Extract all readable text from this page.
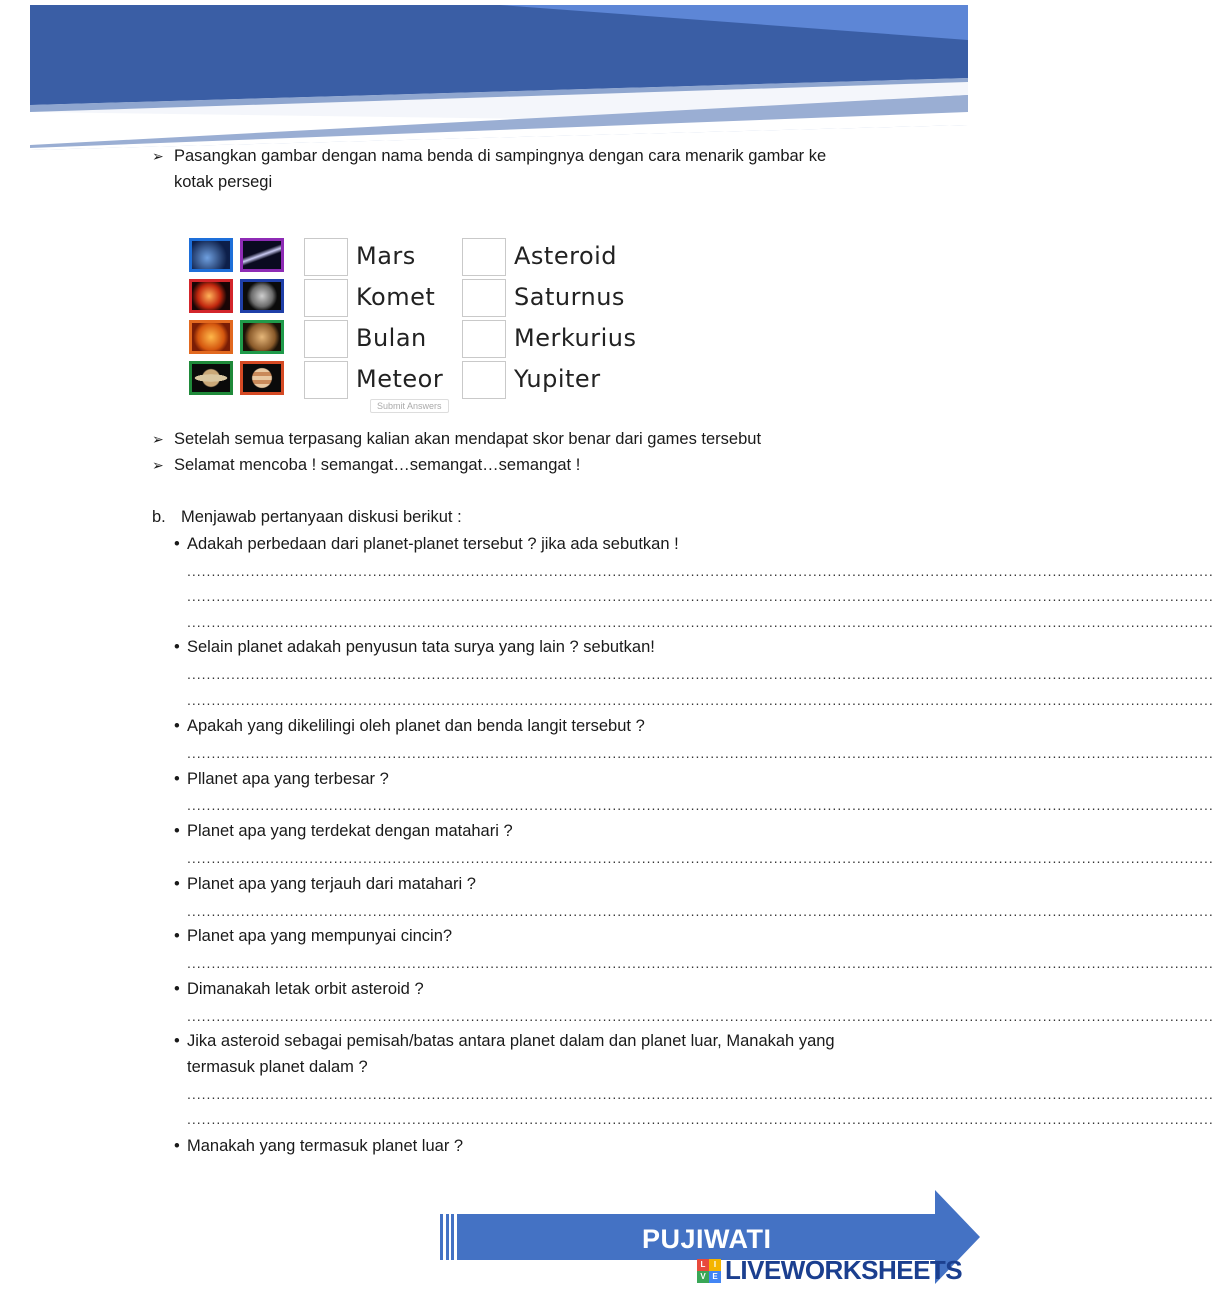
➢ Pasangkan gambar dengan nama benda di sampingnya dengan cara menarik gambar ke
kotak persegi
Mars
Komet
Bulan
Meteor
Asteroid
Saturnus
Merkurius
Yupiter
Submit Answers
➢ Setelah semua terpasang kalian akan mendapat skor benar dari games tersebut
➢ Selamat mencoba ! semangat…semangat…semangat !
b. Menjawab pertanyaan diskusi berikut :
• Adakah perbedaan dari planet-planet tersebut ? jika ada sebutkan !
..................................................................................................................................................................................................................
..................................................................................................................................................................................................................
..................................................................................................................................................................................................................
• Selain planet adakah penyusun tata surya yang lain ? sebutkan!
..................................................................................................................................................................................................................
..................................................................................................................................................................................................................
• Apakah yang dikelilingi oleh planet dan benda langit tersebut ?
..................................................................................................................................................................................................................
• Pllanet apa yang terbesar ?
..................................................................................................................................................................................................................
• Planet apa yang terdekat dengan matahari ?
..................................................................................................................................................................................................................
• Planet apa yang terjauh dari matahari ?
..................................................................................................................................................................................................................
• Planet apa yang mempunyai cincin?
..................................................................................................................................................................................................................
• Dimanakah letak orbit asteroid ?
..................................................................................................................................................................................................................
• Jika asteroid sebagai pemisah/batas antara planet dalam dan planet luar, Manakah yang
termasuk planet dalam ?
..................................................................................................................................................................................................................
..................................................................................................................................................................................................................
• Manakah yang termasuk planet luar ?
PUJIWATI
L	I
V E LIVEWORKSHEETS
